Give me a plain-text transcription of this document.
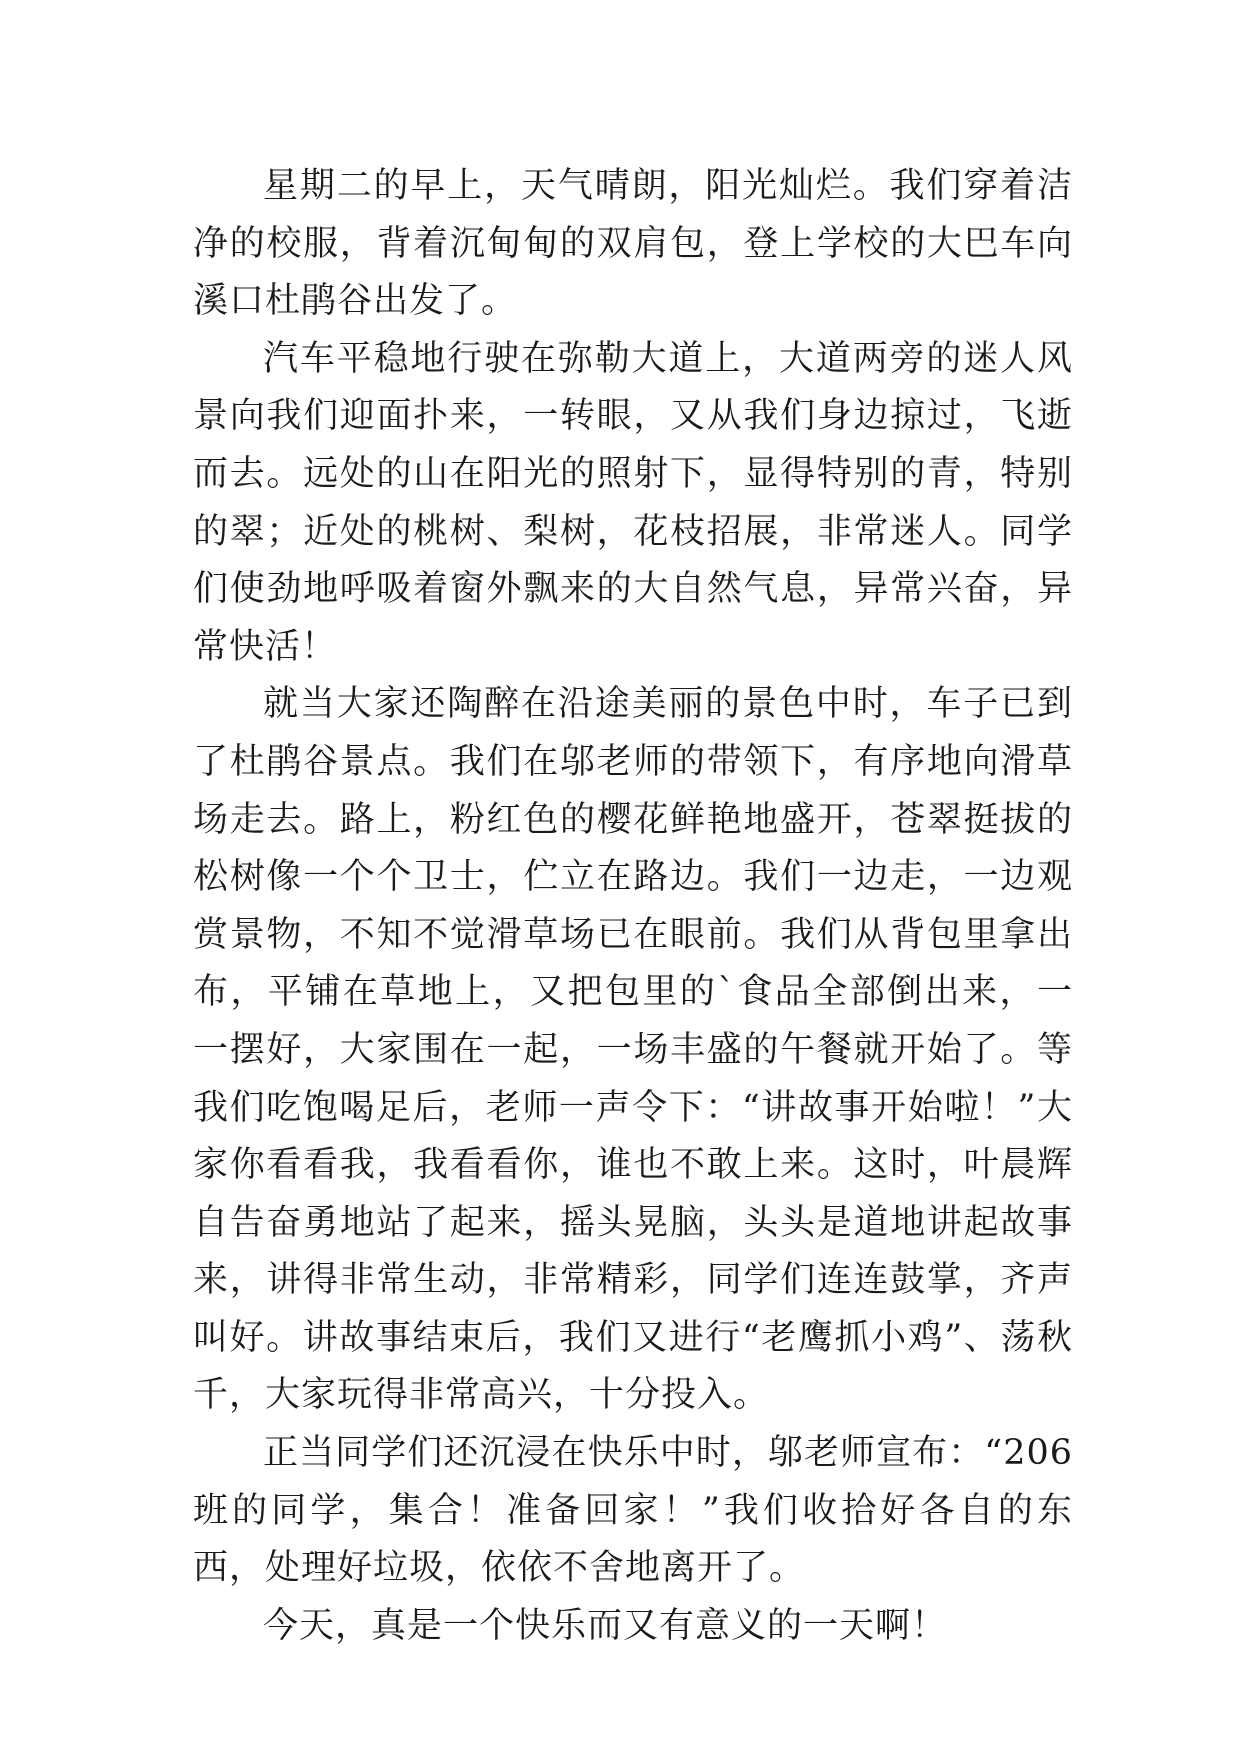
星期二的早上，天气晴朗，阳光灿烂。我们穿着洁净的校服，背着沉甸甸的双肩包，登上学校的大巴车向溪口杜鹃谷出发了。

汽车平稳地行驶在弥勒大道上，大道两旁的迷人风景向我们迎面扑来，一转眼，又从我们身边掠过，飞逝而去。远处的山在阳光的照射下，显得特别的青，特别的翠；近处的桃树、梨树，花枝招展，非常迷人。同学们使劲地呼吸着窗外飘来的大自然气息，异常兴奋，异常快活！

就当大家还陶醉在沿途美丽的景色中时，车子已到了杜鹃谷景点。我们在邬老师的带领下，有序地向滑草场走去。路上，粉红色的樱花鲜艳地盛开，苍翠挺拔的松树像一个个卫士，伫立在路边。我们一边走，一边观赏景物，不知不觉滑草场已在眼前。我们从背包里拿出布，平铺在草地上，又把包里的`食品全部倒出来，一一摆好，大家围在一起，一场丰盛的午餐就开始了。等我们吃饱喝足后，老师一声令下：“讲故事开始啦！”大家你看看我，我看看你，谁也不敢上来。这时，叶晨辉自告奋勇地站了起来，摇头晃脑，头头是道地讲起故事来，讲得非常生动，非常精彩，同学们连连鼓掌，齐声叫好。讲故事结束后，我们又进行“老鹰抓小鸡”、荡秋千，大家玩得非常高兴，十分投入。

正当同学们还沉浸在快乐中时，邬老师宣布：“206班的同学，集合！准备回家！”我们收拾好各自的东西，处理好垃圾，依依不舍地离开了。

今天，真是一个快乐而又有意义的一天啊！
